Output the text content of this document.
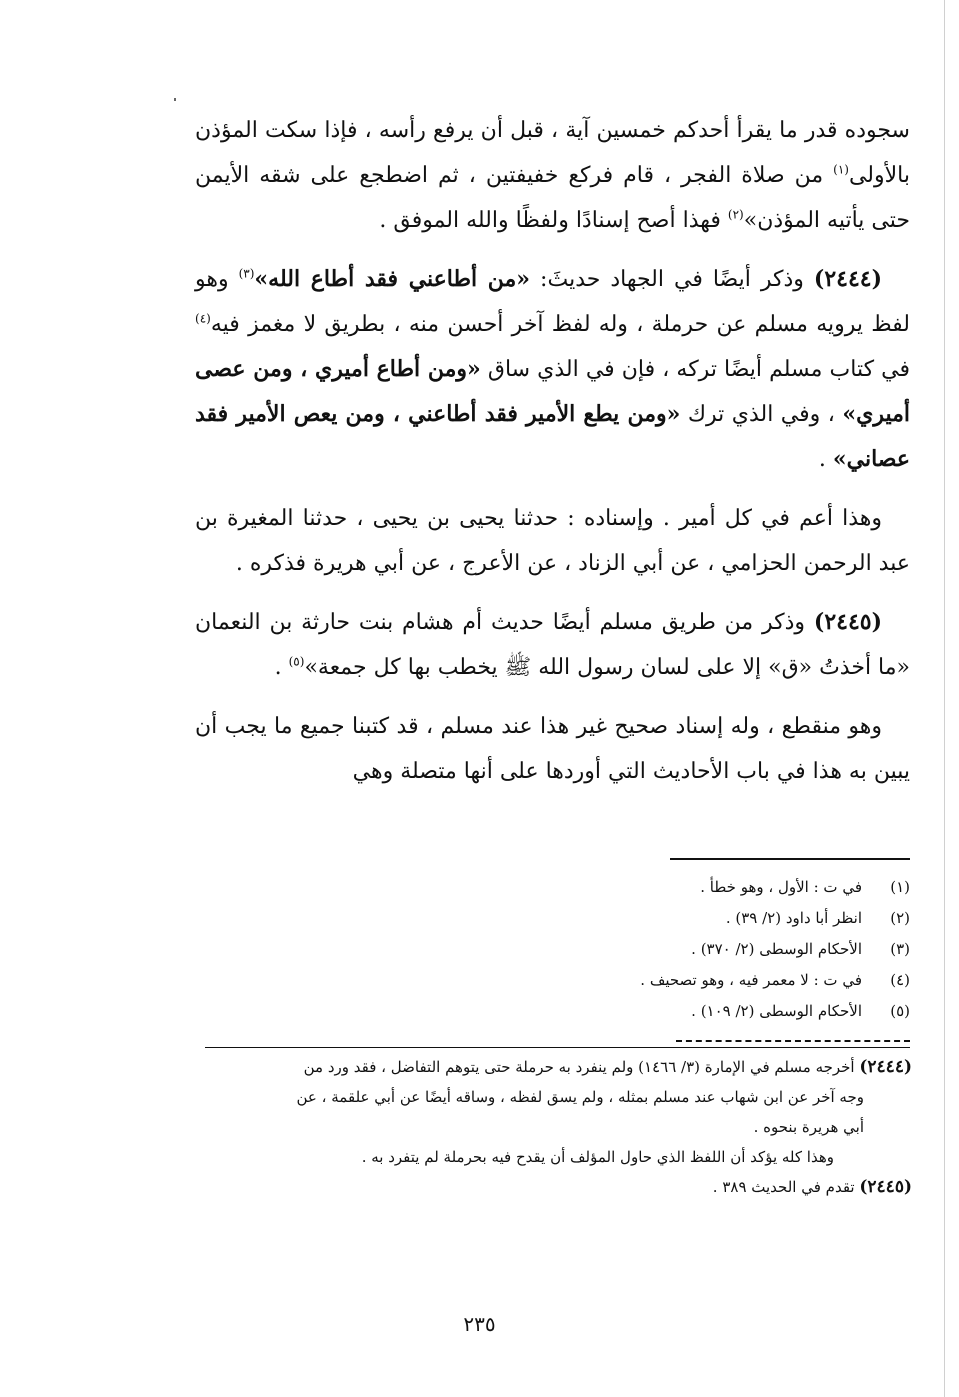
سجوده قدر ما يقرأ أحدكم خمسين آية ، قبل أن يرفع رأسه ، فإذا سكت المؤذن بالأولى$^{(١)}$ من صلاة الفجر ، قام فركع خفيفتين ، ثم اضطجع على شقه الأيمن حتى يأتيه المؤذن»$^{(٢)}$ فهذا أصح إسنادًا ولفظًا والله الموفق .

(٢٤٤٤) وذكر أيضًا في الجهاد حديثَ: «من أطاعني فقد أطاع الله»$^{(٣)}$ وهو لفظ يرويه مسلم عن حرملة ، وله لفظ آخر أحسن منه ، بطريق لا مغمز فيه$^{(٤)}$ في كتاب مسلم أيضًا تركه ، فإن في الذي ساق «ومن أطاع أميري ، ومن عصى أميري» ، وفي الذي ترك «ومن يطع الأمير فقد أطاعني ، ومن يعص الأمير فقد عصاني» .

وهذا أعم في كل أمير . وإسناده : حدثنا يحيى بن يحيى ، حدثنا المغيرة بن عبد الرحمن الحزامي ، عن أبي الزناد ، عن الأعرج ، عن أبي هريرة فذكره .

(٢٤٤٥) وذكر من طريق مسلم أيضًا حديث أم هشام بنت حارثة بن النعمان «ما أخذتُ «ق» إلا على لسان رسول الله ﷺ يخطب بها كل جمعة»$^{(٥)}$ .

وهو منقطع ، وله إسناد صحيح غير هذا عند مسلم ، قد كتبنا جميع ما يجب أن يبين به هذا في باب الأحاديث التي أوردها على أنها متصلة وهي

(١)في ت : الأول ، وهو خطأ .
(٢)انظر أبا داود (٢/ ٣٩) .
(٣)الأحكام الوسطى (٢/ ٣٧٠) .
(٤)في ت : لا معمر فيه ، وهو تصحيف .
(٥)الأحكام الوسطى (٢/ ١٠٩) .

(٢٤٤٤) أخرجه مسلم في الإمارة (٣/ ١٤٦٦) ولم ينفرد به حرملة حتى يتوهم التفاضل ، فقد ورد من

وجه آخر عن ابن شهاب عند مسلم بمثله ، ولم يسق لفظه ، وساقه أيضًا عن أبي علقمة ، عن

أبي هريرة بنحوه .

وهذا كله يؤكد أن اللفظ الذي حاول المؤلف أن يقدح فيه بحرملة لم يتفرد به .

(٢٤٤٥) تقدم في الحديث ٣٨٩ .

٢٣٥
